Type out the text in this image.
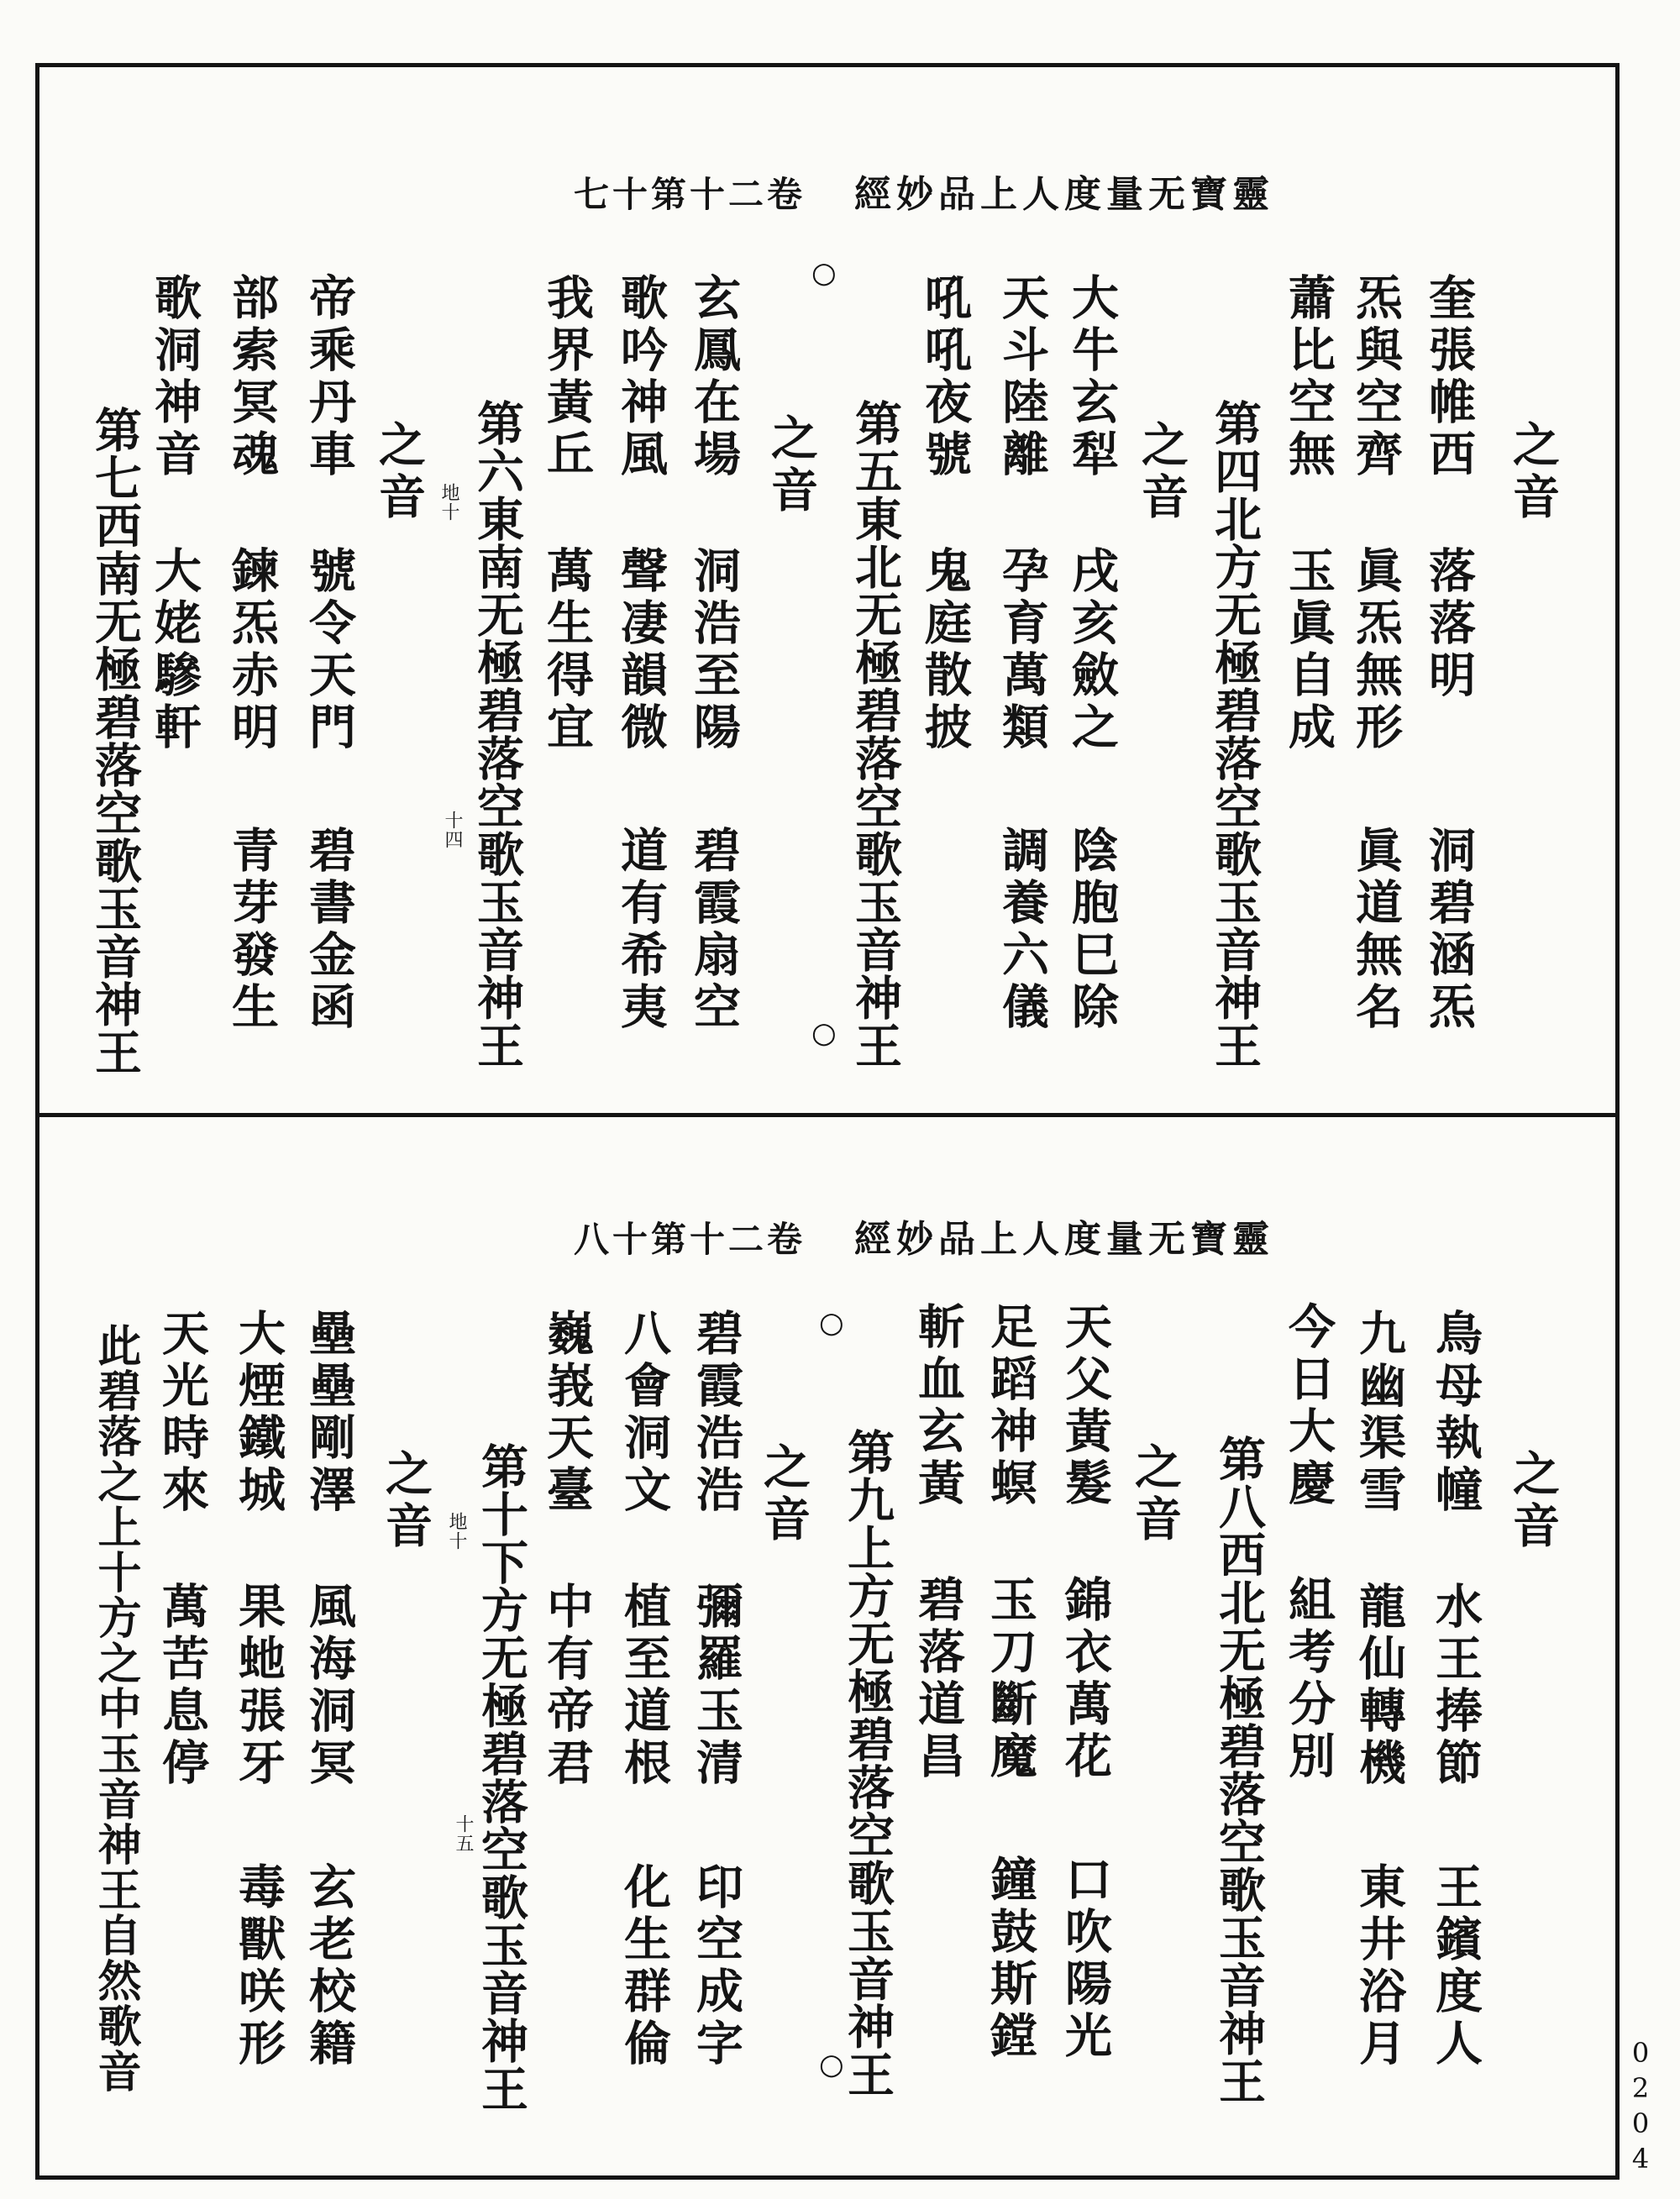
七十第十二卷 經妙品上人度量无寶靈
之音
奎張帷西
落落明
洞碧涵炁
炁與空齊
眞炁無形
眞道無名
蕭比空無
玉眞自成
第四北方无極碧落空歌玉音神王
之音
大牛玄犁
戌亥斂之
陰胞巳除
天斗陸離
孕育萬類
調養六儀
吼吼夜號
鬼庭散披
○
第五東北无極碧落空歌玉音神王
○
之音
玄鳳在場
洞浩至陽
碧霞扇空
歌吟神風
聲凄韻微
道有希夷
我界黃丘
萬生得宜
地十 第六東南无極碧落空歌玉音神王
十四
之音
帝乘丹車
號令天門
碧書金函
部索冥魂
鍊炁赤明
青芽發生
歌洞神音
大姥驂軒
第七西南无極碧落空歌玉音神王
八十第十二卷 經妙品上人度量无寶靈
之音
鳥母執幢
水王捧節
王鑌度人
九幽渠雪
龍仙轉機
東井浴月
今日大慶
組考分別
第八西北无極碧落空歌玉音神王
之音
天父黃髮
錦衣萬花
口吹陽光
足蹈神螟
玉刀斷魔
鐘鼓斯鏜
斬血玄黃
碧落道昌
○
第九上方无極碧落空歌玉音神王
○
之音
碧霞浩浩
彌羅玉清
印空成字
八會洞文
植至道根
化生群倫
巍峩天臺
中有帝君
地十 第十下方无極碧落空歌玉音神王
十五
之音
壘壘剛澤
風海洞冥
玄老校籍
大煙鐵城
果虵張牙
毒獸咲形
天光時來
萬苦息停
此碧落之上十方之中玉音神王自然歌音
0204
